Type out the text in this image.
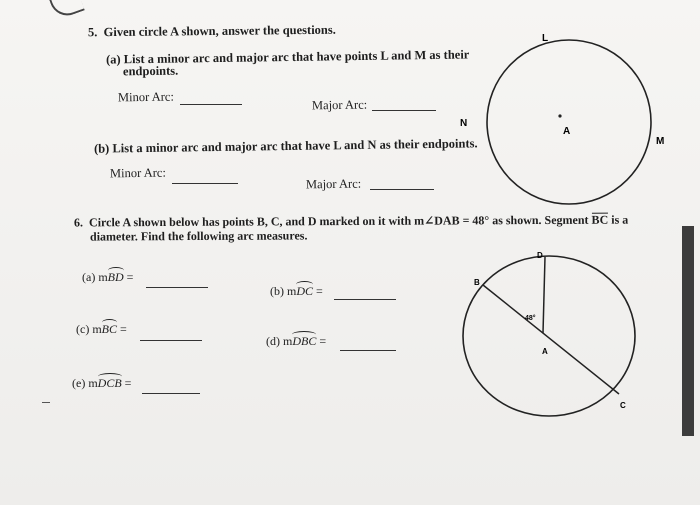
5. Given circle A shown, answer the questions.
(a) List a minor arc and major arc that have points L and M as their
endpoints.
Minor Arc:
Major Arc:
(b) List a minor arc and major arc that have L and N as their endpoints.
Minor Arc:
Major Arc:
L
M
N
A
6. Circle A shown below has points B, C, and D marked on it with m∠DAB = 48° as shown. Segment BC is a
diameter. Find the following arc measures.
(a) mBD =
(b) mDC =
(c) mBC =
(d) mDBC =
(e) mDCB =
D
B
A
C
48°
